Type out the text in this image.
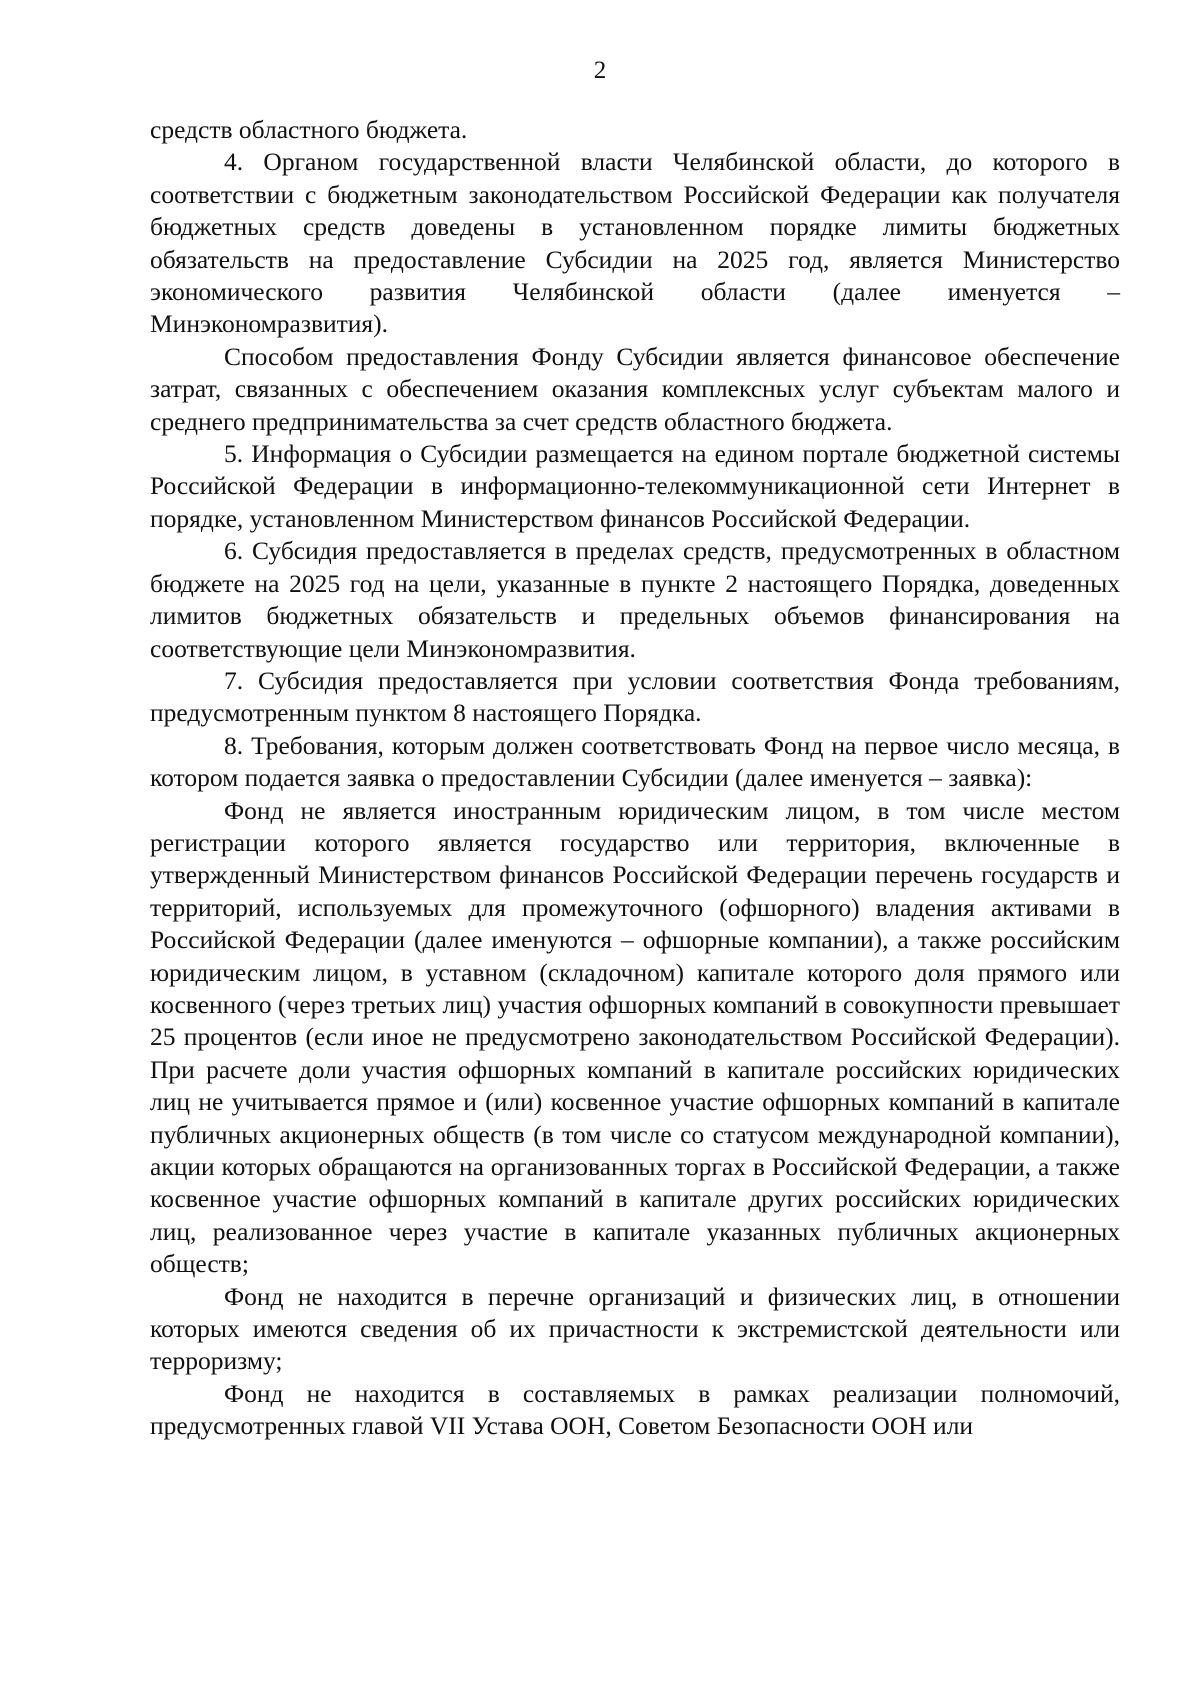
2

средств областного бюджета.

4. Органом государственной власти Челябинской области, до которого в соответствии с бюджетным законодательством Российской Федерации как получателя бюджетных средств доведены в установленном порядке лимиты бюджетных обязательств на предоставление Субсидии на 2025 год, является Министерство экономического развития Челябинской области (далее именуется – Минэкономразвития).

Способом предоставления Фонду Субсидии является финансовое обеспечение затрат, связанных с обеспечением оказания комплексных услуг субъектам малого и среднего предпринимательства за счет средств областного бюджета.

5. Информация о Субсидии размещается на едином портале бюджетной системы Российской Федерации в информационно-телекоммуникационной сети Интернет в порядке, установленном Министерством финансов Российской Федерации.

6. Субсидия предоставляется в пределах средств, предусмотренных в областном бюджете на 2025 год на цели, указанные в пункте 2 настоящего Порядка, доведенных лимитов бюджетных обязательств и предельных объемов финансирования на соответствующие цели Минэкономразвития.

7. Субсидия предоставляется при условии соответствия Фонда требованиям, предусмотренным пунктом 8 настоящего Порядка.

8. Требования, которым должен соответствовать Фонд на первое число месяца, в котором подается заявка о предоставлении Субсидии (далее именуется – заявка):

Фонд не является иностранным юридическим лицом, в том числе местом регистрации которого является государство или территория, включенные в утвержденный Министерством финансов Российской Федерации перечень государств и территорий, используемых для промежуточного (офшорного) владения активами в Российской Федерации (далее именуются – офшорные компании), а также российским юридическим лицом, в уставном (складочном) капитале которого доля прямого или косвенного (через третьих лиц) участия офшорных компаний в совокупности превышает 25 процентов (если иное не предусмотрено законодательством Российской Федерации). При расчете доли участия офшорных компаний в капитале российских юридических лиц не учитывается прямое и (или) косвенное участие офшорных компаний в капитале публичных акционерных обществ (в том числе со статусом международной компании), акции которых обращаются на организованных торгах в Российской Федерации, а также косвенное участие офшорных компаний в капитале других российских юридических лиц, реализованное через участие в капитале указанных публичных акционерных обществ;

Фонд не находится в перечне организаций и физических лиц, в отношении которых имеются сведения об их причастности к экстремистской деятельности или терроризму;

Фонд не находится в составляемых в рамках реализации полномочий, предусмотренных главой VII Устава ООН, Советом Безопасности ООН или
